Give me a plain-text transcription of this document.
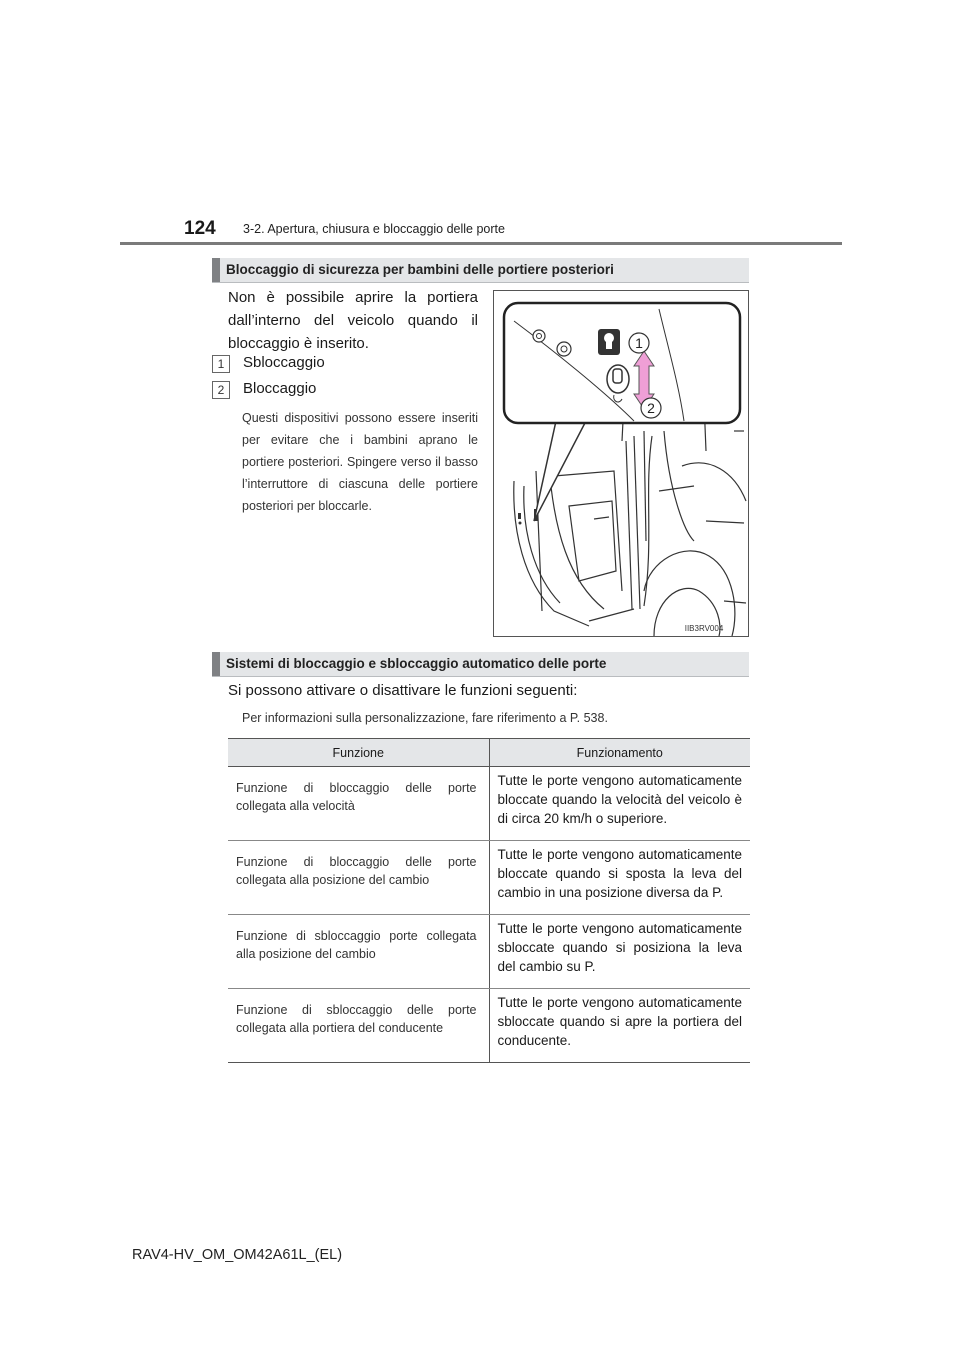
124 3-2. Apertura, chiusura e bloccaggio delle porte
Bloccaggio di sicurezza per bambini delle portiere posteriori
Non è possibile aprire la portiera dall’interno del veicolo quando il bloccaggio è inserito.
1	Sbloccaggio
2	Bloccaggio
Questi dispositivi possono essere inseriti per evitare che i bambini aprano le portiere posteriori. Spingere verso il basso l’interruttore di ciascuna delle portiere posteriori per bloccarle.
1
2
IIB3RV004
Sistemi di bloccaggio e sbloccaggio automatico delle porte
Si possono attivare o disattivare le funzioni seguenti:
Per informazioni sulla personalizzazione, fare riferimento a P. 538.
Funzione	Funzionamento
Funzione di bloccaggio delle porte collegata alla velocità	Tutte le porte vengono automaticamente bloccate quando la velocità del veicolo è di circa 20 km/h o superiore.
Funzione di bloccaggio delle porte collegata alla posizione del cambio	Tutte le porte vengono automaticamente bloccate quando si sposta la leva del cambio in una posizione diversa da P.
Funzione di sbloccaggio porte collegata alla posizione del cambio	Tutte le porte vengono automaticamente sbloccate quando si posiziona la leva del cambio su P.
Funzione di sbloccaggio delle porte collegata alla portiera del conducente	Tutte le porte vengono automaticamente sbloccate quando si apre la portiera del conducente.
RAV4-HV_OM_OM42A61L_(EL)
